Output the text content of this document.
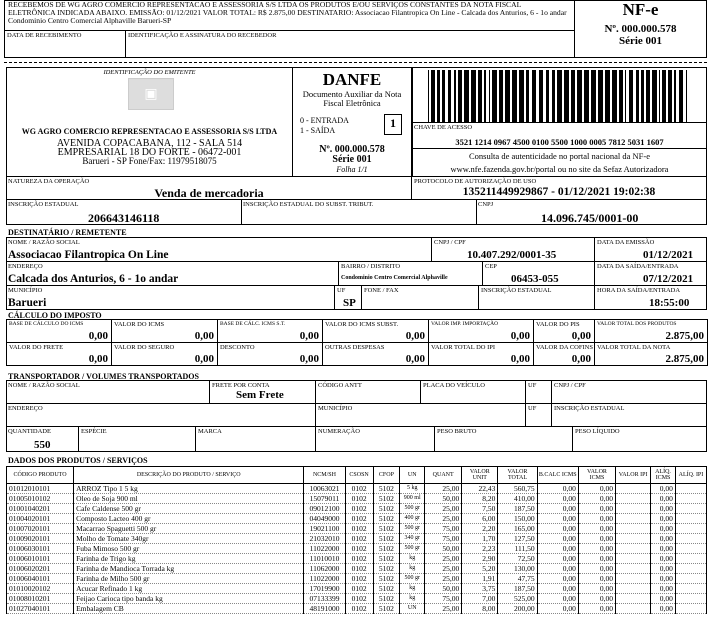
RECEBEMOS DE WG AGRO COMERCIO REPRESENTACAO E ASSESSORIA S/S LTDA OS PRODUTOS E/OU SERVIÇOS CONSTANTES DA NOTA FISCAL ELETRÔNICA INDICADA ABAIXO. EMISSÃO: 01/12/2021 VALOR TOTAL: R$ 2.875,00 DESTINATARIO: Associacao Filantropica On Line - Calcada dos Anturios, 6 - 1o andar Condominio Centro Comercial Alphaville Barueri-SP
DATA DE RECEBIMENTO	IDENTIFICAÇÃO E ASSINATURA DO RECEBEDOR
NF-e
Nº. 000.000.578
Série 001
IDENTIFICAÇÃO DO EMITENTE
▣
WG AGRO COMERCIO REPRESENTACAO E ASSESSORIA S/S LTDA
AVENIDA COPACABANA, 112 - SALA 514
EMPRESARIAL 18 DO FORTE - 06472-001
Barueri - SP Fone/Fax: 11979518075
DANFE
Documento Auxiliar da Nota
Fiscal Eletrônica
0 - ENTRADA
1 - SAÍDA
1
Nº. 000.000.578
Série 001
Folha 1/1
CHAVE DE ACESSO
3521 1214 0967 4500 0100 5500 1000 0005 7812 5031 1607
Consulta de autenticidade no portal nacional da NF-e
www.nfe.fazenda.gov.br/portal ou no site da Sefaz Autorizadora
NATUREZA DA OPERAÇÃO
Venda de mercadoria
PROTOCOLO DE AUTORIZAÇÃO DE USO
135211449929867 - 01/12/2021 19:02:38
INSCRIÇÃO ESTADUAL
206643146118
INSCRIÇÃO ESTADUAL DO SUBST. TRIBUT.	CNPJ
14.096.745/0001-00
DESTINATÁRIO / REMETENTE
NOME / RAZÃO SOCIAL
Associacao Filantropica On Line
CNPJ / CPF
10.407.292/0001-35
DATA DA EMISSÃO
01/12/2021
ENDEREÇO
Calcada dos Anturios, 6 - 1o andar
BAIRRO / DISTRITO
Condominio Centro Comercial Alphaville
CEP
06453-055
DATA DA SAÍDA/ENTRADA
07/12/2021
MUNICÍPIO
Barueri
UF
SP
FONE / FAX	INSCRIÇÃO ESTADUAL	HORA DA SAÍDA/ENTRADA
18:55:00
CÁLCULO DO IMPOSTO
BASE DE CÁLCULO DO ICMS
0,00
VALOR DO ICMS
0,00
BASE DE CÁLC. ICMS S.T.
0,00
VALOR DO ICMS SUBST.
0,00
VALOR IMP. IMPORTAÇÃO
0,00
VALOR DO PIS
0,00
VALOR TOTAL DOS PRODUTOS
2.875,00
VALOR DO FRETE
0,00
VALOR DO SEGURO
0,00
DESCONTO
0,00
OUTRAS DESPESAS
0,00
VALOR TOTAL DO IPI
0,00
VALOR DA COFINS
0,00
VALOR TOTAL DA NOTA
2.875,00
TRANSPORTADOR / VOLUMES TRANSPORTADOS
NOME / RAZÃO SOCIAL	FRETE POR CONTA
Sem Frete
CÓDIGO ANTT	PLACA DO VEÍCULO	UF	CNPJ / CPF
ENDEREÇO	MUNICÍPIO	UF	INSCRIÇÃO ESTADUAL
QUANTIDADE
550
ESPÉCIE	MARCA	NUMERAÇÃO	PESO BRUTO	PESO LÍQUIDO
DADOS DOS PRODUTOS / SERVIÇOS
CÓDIGO PRODUTO	DESCRIÇÃO DO PRODUTO / SERVIÇO	NCM/SH	CSOSN	CFOP	UN	QUANT	VALOR UNIT	VALOR TOTAL	B.CALC ICMS	VALOR ICMS	VALOR IPI	ALÍQ. ICMS	ALÍQ. IPI
01012010101	ARROZ Tipo 1 5 kg	10063021	0102	5102	5 kg	25,00	22,43	560,75	0,00	0,00		0,00	
01005010102	Oleo de Soja 900 ml	15079011	0102	5102	900 ml	50,00	8,20	410,00	0,00	0,00		0,00	
01001040201	Cafe Caldense 500 gr	09012100	0102	5102	500 gr	25,00	7,50	187,50	0,00	0,00		0,00	
01004020101	Composto Lacteo 400 gr	04049000	0102	5102	400 gr	25,00	6,00	150,00	0,00	0,00		0,00	
01007020101	Macarrao Spaguetti 500 gr	19021100	0102	5102	500 gr	75,00	2,20	165,00	0,00	0,00		0,00	
01009020101	Molho de Tomate 340gr	21032010	0102	5102	340 gr	75,00	1,70	127,50	0,00	0,00		0,00	
01006030101	Fuba Mimoso 500 gr	11022000	0102	5102	500 gr	50,00	2,23	111,50	0,00	0,00		0,00	
01006010101	Farinha de Trigo kg	11010010	0102	5102	kg	25,00	2,90	72,50	0,00	0,00		0,00	
01006020201	Farinha de Mandioca Torrada kg	11062000	0102	5102	kg	25,00	5,20	130,00	0,00	0,00		0,00	
01006040101	Farinha de Milho 500 gr	11022000	0102	5102	500 gr	25,00	1,91	47,75	0,00	0,00		0,00	
01010020102	Acucar Refinado 1 kg	17019900	0102	5102	kg	50,00	3,75	187,50	0,00	0,00		0,00	
01008010201	Feijao Carioca tipo banda kg	07133399	0102	5102	kg	75,00	7,00	525,00	0,00	0,00		0,00	
01027040101	Embalagem CB	48191000	0102	5102	UN	25,00	8,00	200,00	0,00	0,00		0,00	
